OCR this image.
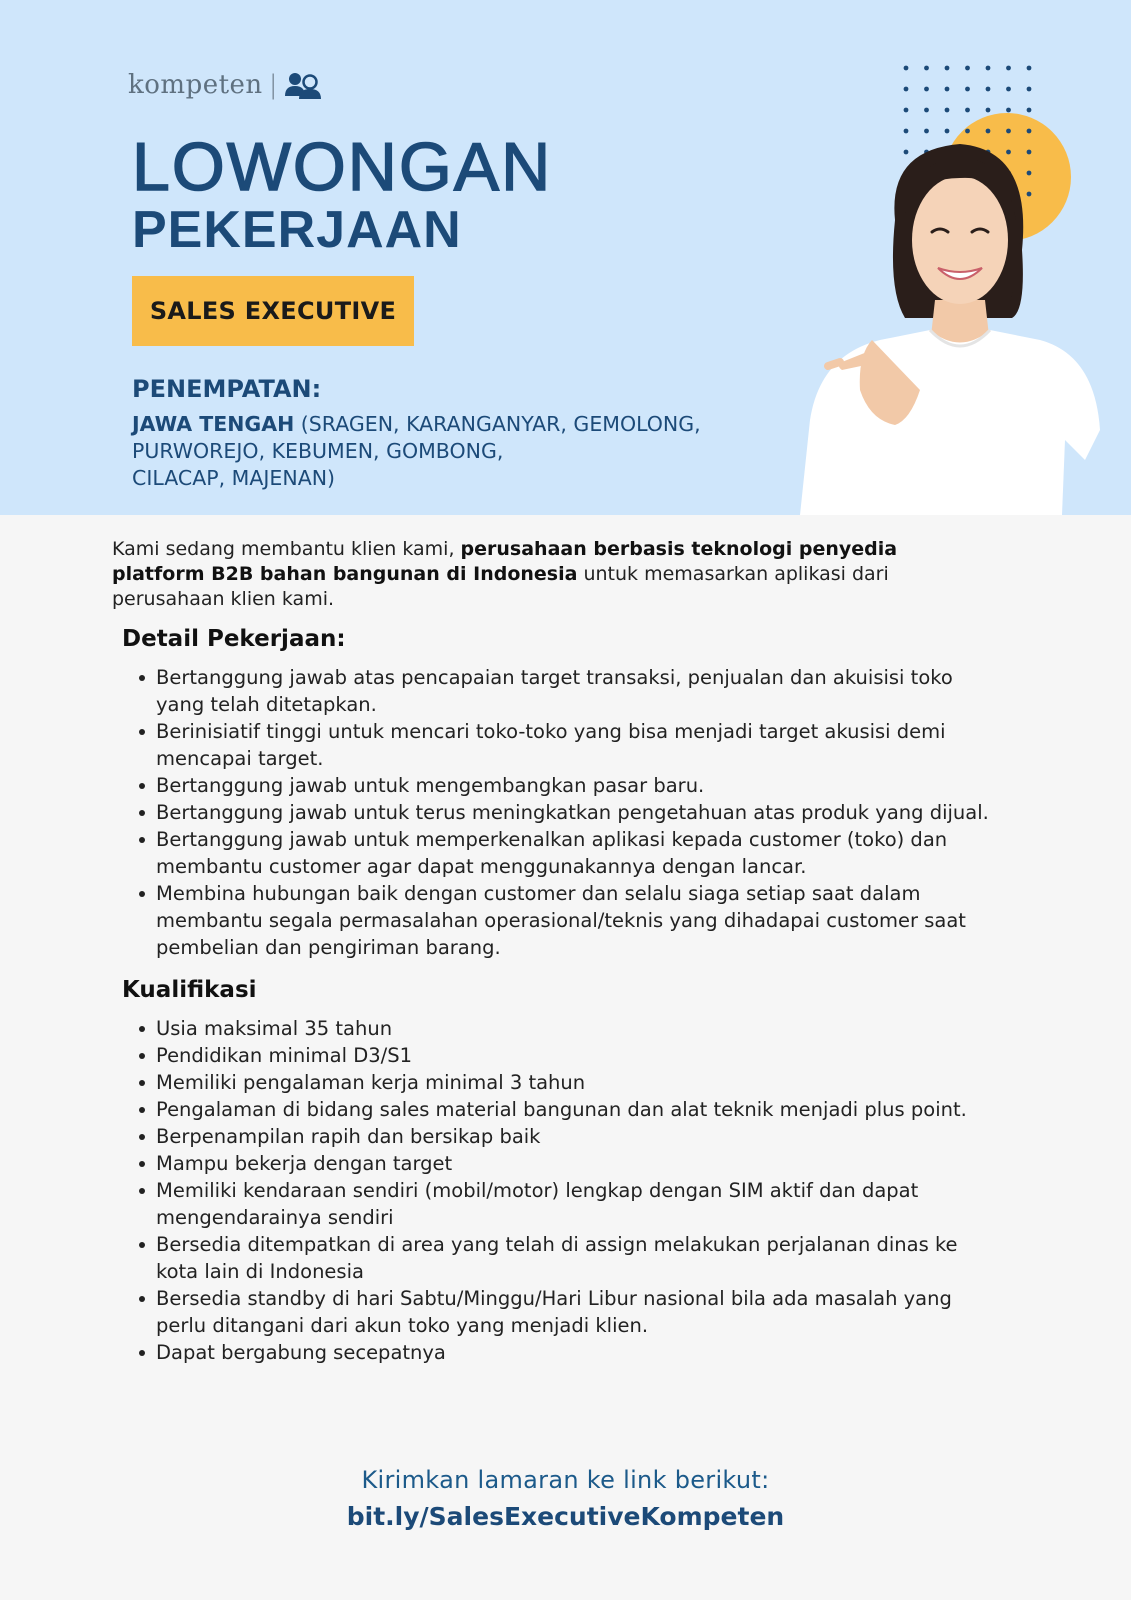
kompeten |
LOWONGAN
PEKERJAAN
SALES EXECUTIVE
PENEMPATAN:
JAWA TENGAH (SRAGEN, KARANGANYAR, GEMOLONG,
PURWOREJO, KEBUMEN, GOMBONG,
CILACAP, MAJENAN)

Kami sedang membantu klien kami, perusahaan berbasis teknologi penyedia platform B2B bahan bangunan di Indonesia untuk memasarkan aplikasi dari perusahaan klien kami.

Detail Pekerjaan:
Bertanggung jawab atas pencapaian target transaksi, penjualan dan akuisisi toko yang telah ditetapkan.
Berinisiatif tinggi untuk mencari toko-toko yang bisa menjadi target akusisi demi mencapai target.
Bertanggung jawab untuk mengembangkan pasar baru.
Bertanggung jawab untuk terus meningkatkan pengetahuan atas produk yang dijual.
Bertanggung jawab untuk memperkenalkan aplikasi kepada customer (toko) dan membantu customer agar dapat menggunakannya dengan lancar.
Membina hubungan baik dengan customer dan selalu siaga setiap saat dalam membantu segala permasalahan operasional/teknis yang dihadapai customer saat pembelian dan pengiriman barang.
Kualifikasi
Usia maksimal 35 tahun
Pendidikan minimal D3/S1
Memiliki pengalaman kerja minimal 3 tahun
Pengalaman di bidang sales material bangunan dan alat teknik menjadi plus point.
Berpenampilan rapih dan bersikap baik
Mampu bekerja dengan target
Memiliki kendaraan sendiri (mobil/motor) lengkap dengan SIM aktif dan dapat mengendarainya sendiri
Bersedia ditempatkan di area yang telah di assign melakukan perjalanan dinas ke kota lain di Indonesia
Bersedia standby di hari Sabtu/Minggu/Hari Libur nasional bila ada masalah yang perlu ditangani dari akun toko yang menjadi klien.
Dapat bergabung secepatnya
Kirimkan lamaran ke link berikut:
bit.ly/SalesExecutiveKompeten
